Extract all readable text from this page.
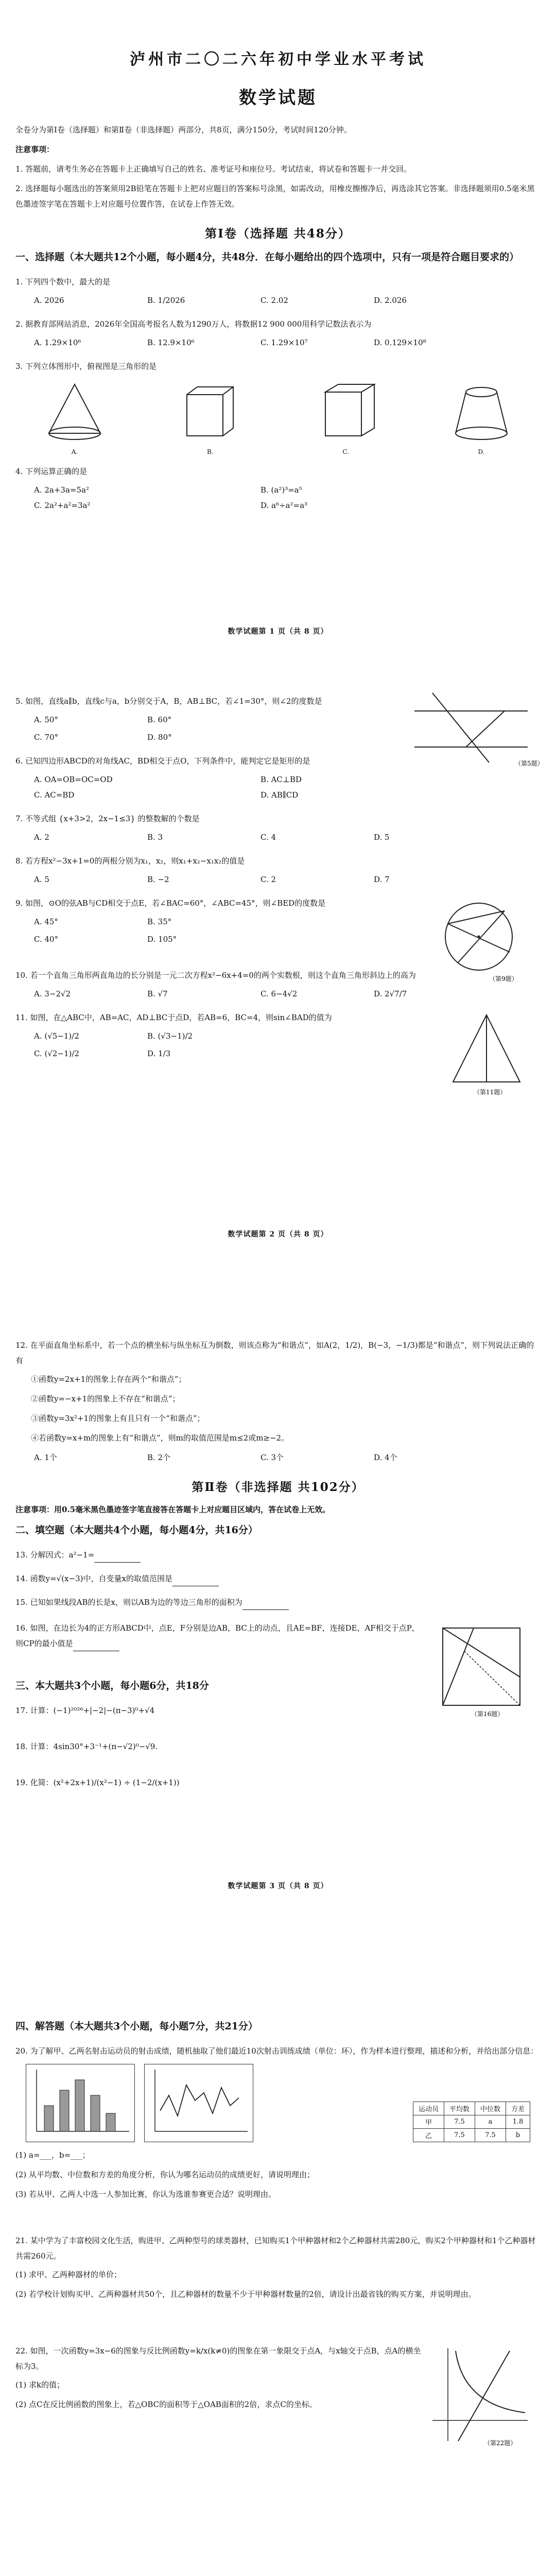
泸州市二〇二六年初中学业水平考试
数学试题

全卷分为第Ⅰ卷（选择题）和第Ⅱ卷（非选择题）两部分，共8页，满分150分，考试时间120分钟。

注意事项：

1. 答题前，请考生务必在答题卡上正确填写自己的姓名、准考证号和座位号。考试结束，将试卷和答题卡一并交回。

2. 选择题每小题选出的答案须用2B铅笔在答题卡上把对应题目的答案标号涂黑，如需改动，用橡皮擦擦净后，再选涂其它答案。非选择题须用0.5毫米黑色墨迹签字笔在答题卡上对应题号位置作答，在试卷上作答无效。

第Ⅰ卷（选择题 共48分）

一、选择题（本大题共12个小题，每小题4分，共48分．在每小题给出的四个选项中，只有一项是符合题目要求的）

1. 下列四个数中，最大的是

A. 2026	B. 1/2026	C. 2.02	D. 2.026

2. 据教育部网站消息，2026年全国高考报名人数为1290万人，将数据12 900 000用科学记数法表示为

A. 1.29×10⁶	B. 12.9×10⁶	C. 1.29×10⁷	D. 0.129×10⁸

3. 下列立体图形中，俯视图是三角形的是

A.	B.	C.	D.

4. 下列运算正确的是

A. 2a+3a=5a²	B. (a²)³=a⁵
C. 2a²+a²=3a²	D. a⁶÷a²=a³
数学试题第 1 页（共 8 页）
（第5题）

5. 如图，直线a∥b，直线c与a，b分别交于A，B，AB⊥BC，若∠1=30°，则∠2的度数是

A. 50°	B. 60°
C. 70°	D. 80°

6. 已知四边形ABCD的对角线AC，BD相交于点O，下列条件中，能判定它是矩形的是

A. OA=OB=OC=OD	B. AC⊥BD
C. AC=BD	D. AB∥CD

7. 不等式组 {x+3>2，2x−1≤3} 的整数解的个数是

A. 2	B. 3	C. 4	D. 5

8. 若方程x²−3x+1=0的两根分别为x₁，x₂，则x₁+x₂−x₁x₂的值是

A. 5	B. −2	C. 2	D. 7
（第9题）

9. 如图，⊙O的弦AB与CD相交于点E，若∠BAC=60°，∠ABC=45°，则∠BED的度数是

A. 45°	B. 35°
C. 40°	D. 105°

10. 若一个直角三角形两直角边的长分别是一元二次方程x²−6x+4=0的两个实数根，则这个直角三角形斜边上的高为

A. 3−2√2	B. √7	C. 6−4√2	D. 2√7/7
（第11题）

11. 如图，在△ABC中，AB=AC，AD⊥BC于点D，若AB=6，BC=4，则sin∠BAD的值为

A. (√5−1)/2	B. (√3−1)/2
C. (√2−1)/2	D. 1/3
数学试题第 2 页（共 8 页）

12. 在平面直角坐标系中，若一个点的横坐标与纵坐标互为倒数，则该点称为“和谐点”，如A(2，1/2)，B(−3，−1/3)都是“和谐点”，则下列说法正确的有

①函数y=2x+1的图象上存在两个“和谐点”；

②函数y=−x+1的图象上不存在“和谐点”；

③函数y=3x²+1的图象上有且只有一个“和谐点”；

④若函数y=x+m的图象上有“和谐点”，则m的取值范围是m≤2或m≥−2。

A. 1个	B. 2个	C. 3个	D. 4个
第Ⅱ卷（非选择题 共102分）

注意事项：用0.5毫米黑色墨迹签字笔直接答在答题卡上对应题目区域内，答在试卷上无效。

二、填空题（本大题共4个小题，每小题4分，共16分）

13. 分解因式：a²−1=

14. 函数y=√(x−3)中，自变量x的取值范围是

15. 已知如果线段AB的长是x，则以AB为边的等边三角形的面积为

（第16题）

16. 如图，在边长为4的正方形ABCD中，点E，F分别是边AB，BC上的动点，且AE=BF，连接DE，AF相交于点P，则CP的最小值是

三、本大题共3个小题，每小题6分，共18分

17. 计算：(−1)²⁰²⁶+|−2|−(π−3)⁰+√4

18. 计算：4sin30°+3⁻¹+(π−√2)⁰−√9.

19. 化简：(x²+2x+1)/(x²−1) ÷ (1−2/(x+1))

数学试题第 3 页（共 8 页）

四、解答题（本大题共3个小题，每小题7分，共21分）

20. 为了解甲、乙两名射击运动员的射击成绩，随机抽取了他们最近10次射击训练成绩（单位：环），作为样本进行整理，描述和分析，并给出部分信息：

运动员	平均数	中位数	方差
甲	7.5	a	1.8
乙	7.5	7.5	b

(1) a=___，b=___；

(2) 从平均数、中位数和方差的角度分析，你认为哪名运动员的成绩更好，请说明理由；

(3) 若从甲、乙两人中选一人参加比赛，你认为选谁参赛更合适？说明理由。

21. 某中学为了丰富校园文化生活，购进甲、乙两种型号的球类器材，已知购买1个甲种器材和2个乙种器材共需280元，购买2个甲种器材和1个乙种器材共需260元。

(1) 求甲、乙两种器材的单价；

(2) 若学校计划购买甲、乙两种器材共50个，且乙种器材的数量不少于甲种器材数量的2倍，请设计出最省钱的购买方案，并说明理由。

（第22题）

22. 如图，一次函数y=3x−6的图象与反比例函数y=k/x(k≠0)的图象在第一象限交于点A，与x轴交于点B，点A的横坐标为3。

(1) 求k的值；

(2) 点C在反比例函数的图象上，若△OBC的面积等于△OAB面积的2倍，求点C的坐标。
